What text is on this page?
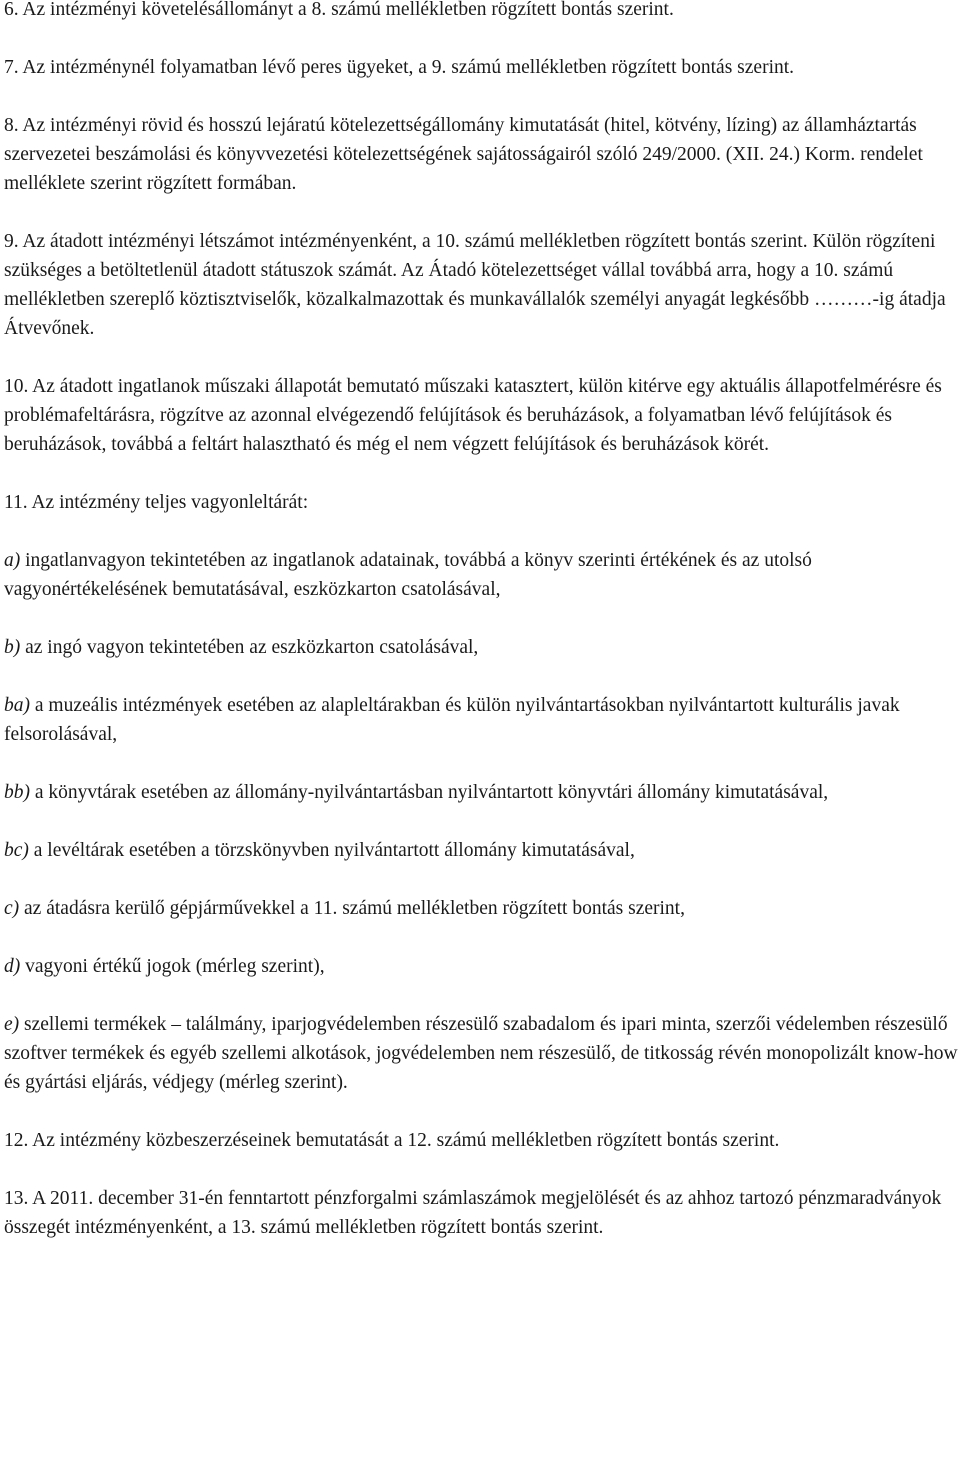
6. Az intézményi követelésállományt a 8. számú mellékletben rögzített bontás szerint.

7. Az intézménynél folyamatban lévő peres ügyeket, a 9. számú mellékletben rögzített bontás szerint.

8. Az intézményi rövid és hosszú lejáratú kötelezettségállomány kimutatását (hitel, kötvény, lízing) az államháztartás szervezetei beszámolási és könyvvezetési kötelezettségének sajátosságairól szóló 249/2000. (XII. 24.) Korm. rendelet melléklete szerint rögzített formában.

9. Az átadott intézményi létszámot intézményenként, a 10. számú mellékletben rögzített bontás szerint. Külön rögzíteni szükséges a betöltetlenül átadott státuszok számát. Az Átadó kötelezettséget vállal továbbá arra, hogy a 10. számú mellékletben szereplő köztisztviselők, közalkalmazottak és munkavállalók személyi anyagát legkésőbb ………-ig átadja Átvevőnek.

10. Az átadott ingatlanok műszaki állapotát bemutató műszaki katasztert, külön kitérve egy aktuális állapotfelmérésre és problémafeltárásra, rögzítve az azonnal elvégezendő felújítások és beruházások, a folyamatban lévő felújítások és beruházások, továbbá a feltárt halasztható és még el nem végzett felújítások és beruházások körét.

11. Az intézmény teljes vagyonleltárát:

a) ingatlanvagyon tekintetében az ingatlanok adatainak, továbbá a könyv szerinti értékének és az utolsó vagyonértékelésének bemutatásával, eszközkarton csatolásával,

b) az ingó vagyon tekintetében az eszközkarton csatolásával,

ba) a muzeális intézmények esetében az alapleltárakban és külön nyilvántartásokban nyilvántartott kulturális javak felsorolásával,

bb) a könyvtárak esetében az állomány-nyilvántartásban nyilvántartott könyvtári állomány kimutatásával,

bc) a levéltárak esetében a törzskönyvben nyilvántartott állomány kimutatásával,

c) az átadásra kerülő gépjárművekkel a 11. számú mellékletben rögzített bontás szerint,

d) vagyoni értékű jogok (mérleg szerint),

e) szellemi termékek – találmány, iparjogvédelemben részesülő szabadalom és ipari minta, szerzői védelemben részesülő szoftver termékek és egyéb szellemi alkotások, jogvédelemben nem részesülő, de titkosság révén monopolizált know-how és gyártási eljárás, védjegy (mérleg szerint).

12. Az intézmény közbeszerzéseinek bemutatását a 12. számú mellékletben rögzített bontás szerint.

13. A 2011. december 31-én fenntartott pénzforgalmi számlaszámok megjelölését és az ahhoz tartozó pénzmaradványok összegét intézményenként, a 13. számú mellékletben rögzített bontás szerint.
